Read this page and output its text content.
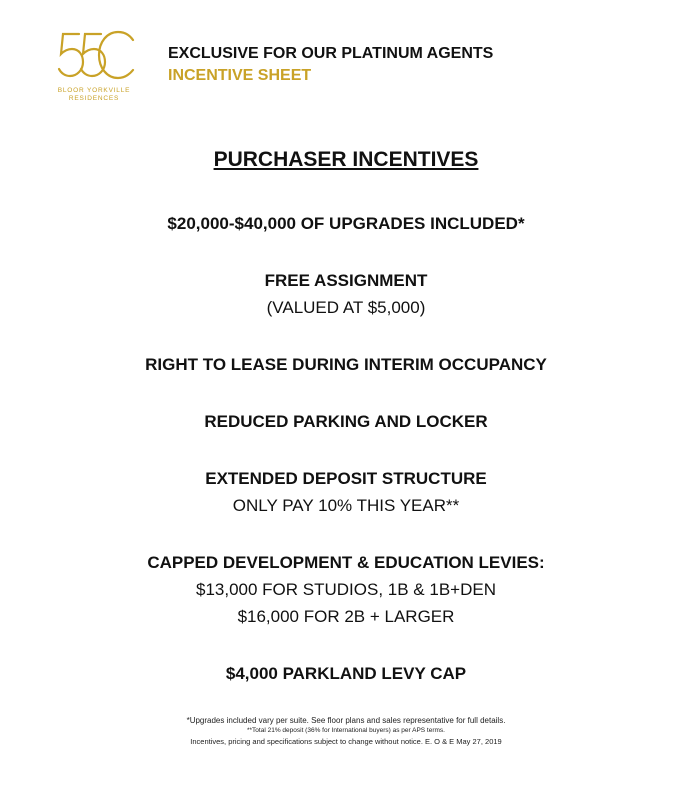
BLOOR YORKVILLE
RESIDENCES
EXCLUSIVE FOR OUR PLATINUM AGENTS
INCENTIVE SHEET
PURCHASER INCENTIVES
$20,000-$40,000 OF UPGRADES INCLUDED*
FREE ASSIGNMENT
(VALUED AT $5,000)
RIGHT TO LEASE DURING INTERIM OCCUPANCY
REDUCED PARKING AND LOCKER
EXTENDED DEPOSIT STRUCTURE
ONLY PAY 10% THIS YEAR**
CAPPED DEVELOPMENT & EDUCATION LEVIES:
$13,000 FOR STUDIOS, 1B & 1B+DEN
$16,000 FOR 2B + LARGER
$4,000 PARKLAND LEVY CAP
*Upgrades included vary per suite. See floor plans and sales representative for full details.
**Total 21% deposit (36% for International buyers) as per APS terms.
Incentives, pricing and specifications subject to change without notice. E. O & E May 27, 2019
